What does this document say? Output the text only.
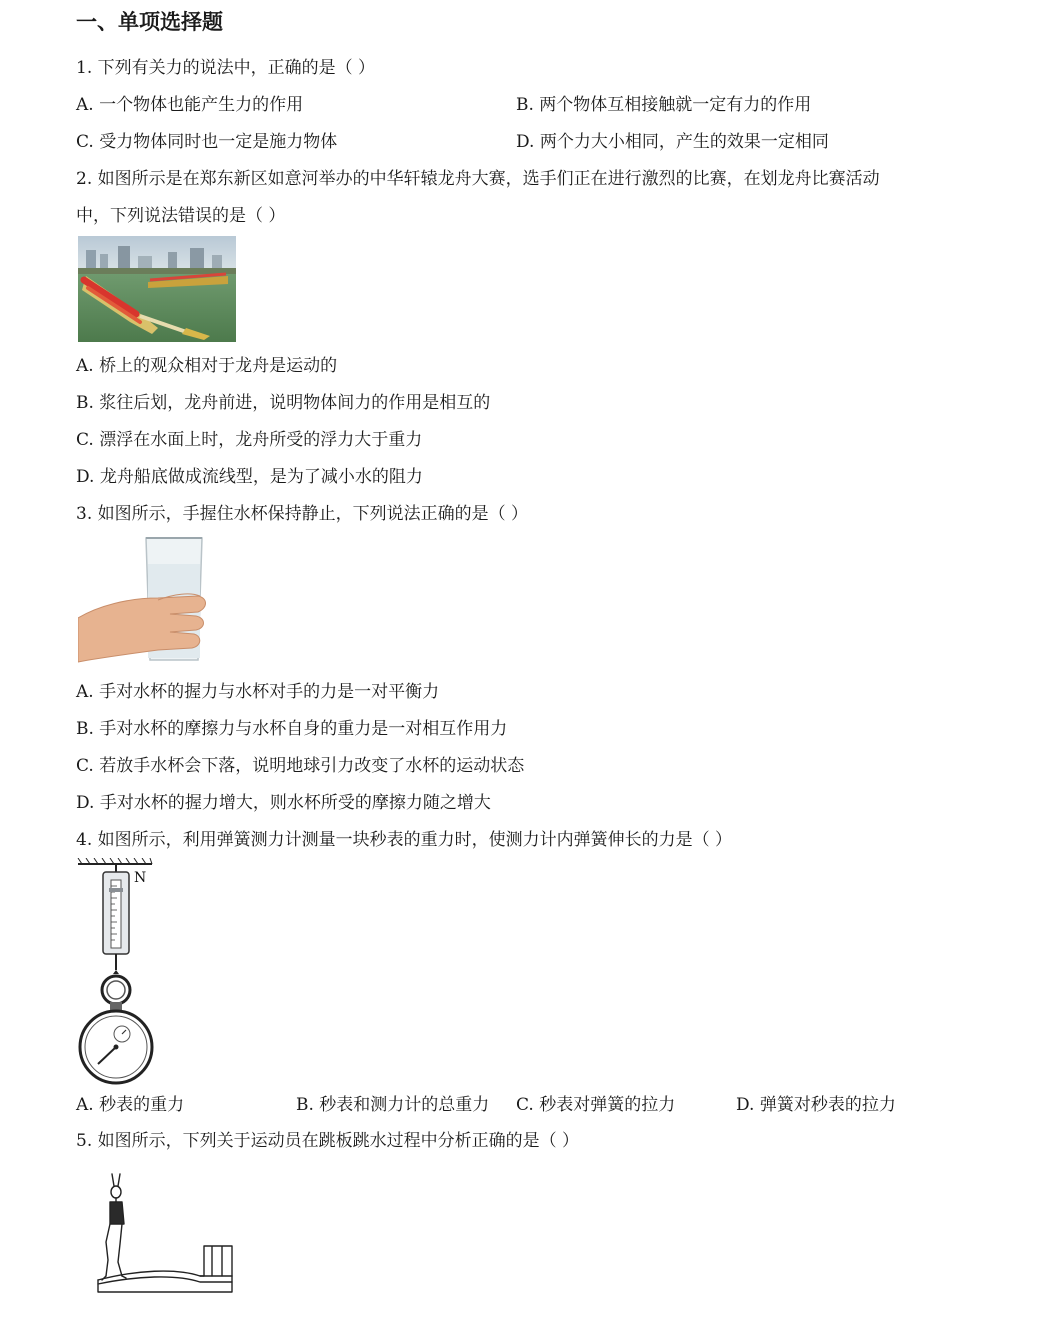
一、单项选择题
1. 下列有关力的说法中，正确的是（ ）
A. 一个物体也能产生力的作用	B. 两个物体互相接触就一定有力的作用
C. 受力物体同时也一定是施力物体	D. 两个力大小相同，产生的效果一定相同
2. 如图所示是在郑东新区如意河举办的中华轩辕龙舟大赛，选手们正在进行激烈的比赛，在划龙舟比赛活动
中，下列说法错误的是（ ）
A. 桥上的观众相对于龙舟是运动的
B. 浆往后划，龙舟前进，说明物体间力的作用是相互的
C. 漂浮在水面上时，龙舟所受的浮力大于重力
D. 龙舟船底做成流线型，是为了减小水的阻力
3. 如图所示，手握住水杯保持静止，下列说法正确的是（ ）
A. 手对水杯的握力与水杯对手的力是一对平衡力
B. 手对水杯的摩擦力与水杯自身的重力是一对相互作用力
C. 若放手水杯会下落，说明地球引力改变了水杯的运动状态
D. 手对水杯的握力增大，则水杯所受的摩擦力随之增大
4. 如图所示，利用弹簧测力计测量一块秒表的重力时，使测力计内弹簧伸长的力是（ ）
N
A. 秒表的重力	B. 秒表和测力计的总重力 C. 秒表对弹簧的拉力	D. 弹簧对秒表的拉力
5. 如图所示，下列关于运动员在跳板跳水过程中分析正确的是（ ）
